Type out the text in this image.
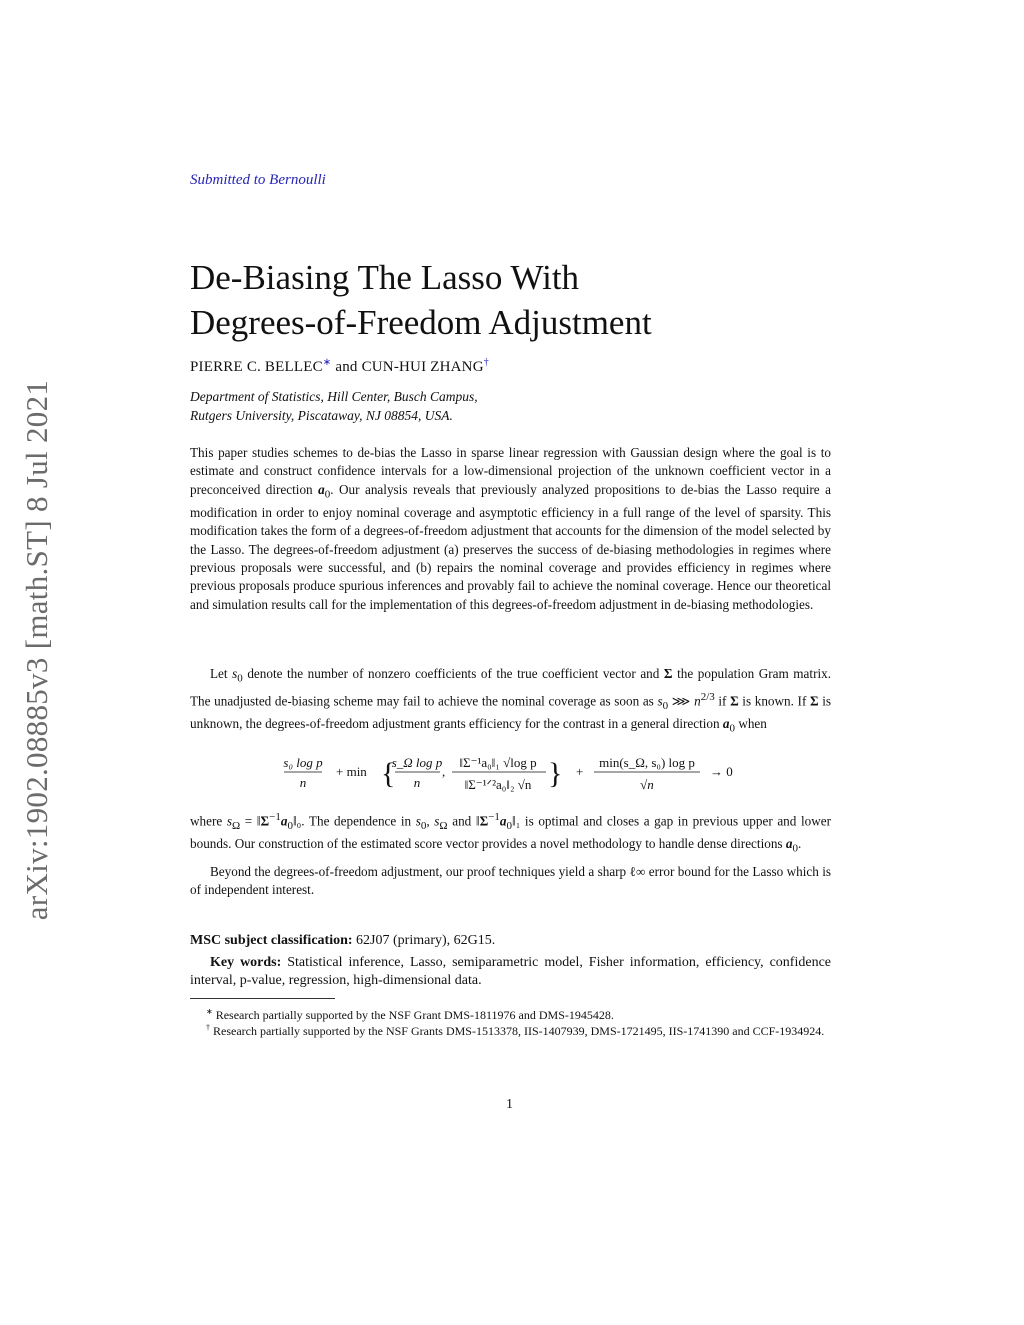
arXiv:1902.08885v3 [math.ST] 8 Jul 2021
Submitted to Bernoulli
De-Biasing The Lasso With
Degrees-of-Freedom Adjustment
PIERRE C. BELLEC∗ and CUN-HUI ZHANG†
Department of Statistics, Hill Center, Busch Campus,
Rutgers University, Piscataway, NJ 08854, USA.

This paper studies schemes to de-bias the Lasso in sparse linear regression with Gaussian design where the goal is to estimate and construct confidence intervals for a low-dimensional projection of the unknown coefficient vector in a preconceived direction $a_0$. Our analysis reveals that previously analyzed propositions to de-bias the Lasso require a modification in order to enjoy nominal coverage and asymptotic efficiency in a full range of the level of sparsity. This modification takes the form of a degrees-of-freedom adjustment that accounts for the dimension of the model selected by the Lasso. The degrees-of-freedom adjustment (a) preserves the success of de-biasing methodologies in regimes where previous proposals were successful, and (b) repairs the nominal coverage and provides efficiency in regimes where previous proposals produce spurious inferences and provably fail to achieve the nominal coverage. Hence our theoretical and simulation results call for the implementation of this degrees-of-freedom adjustment in de-biasing methodologies.

Let $s_0$ denote the number of nonzero coefficients of the true coefficient vector and Σ the population Gram matrix. The unadjusted de-biasing scheme may fail to achieve the nominal coverage as soon as $s_0$ ⋙ $n^{2/3}$ if Σ is known. If Σ is unknown, the degrees-of-freedom adjustment grants efficiency for the contrast in a general direction $a_0$ when

s₀ log p
n
+ min {
s_Ω log p
n
,
‖Σ⁻¹a₀‖₁ √log p
‖Σ⁻¹ᐟ²a₀‖₂ √n } +
min(s_Ω, s₀) log p
√n
→ 0

where $s_\Omega$ = $‖\Sigma^{-1}a_0‖_0$. The dependence in $s_0$, $s_\Omega$ and $‖\Sigma^{-1}a_0‖_1$ is optimal and closes a gap in previous upper and lower bounds. Our construction of the estimated score vector provides a novel methodology to handle dense directions $a_0$.

Beyond the degrees-of-freedom adjustment, our proof techniques yield a sharp ℓ∞ error bound for the Lasso which is of independent interest.

MSC subject classification: 62J07 (primary), 62G15.

Key words: Statistical inference, Lasso, semiparametric model, Fisher information, efficiency, confidence interval, p-value, regression, high-dimensional data.

∗ Research partially supported by the NSF Grant DMS-1811976 and DMS-1945428.
† Research partially supported by the NSF Grants DMS-1513378, IIS-1407939, DMS-1721495, IIS-1741390 and CCF-1934924.
1
